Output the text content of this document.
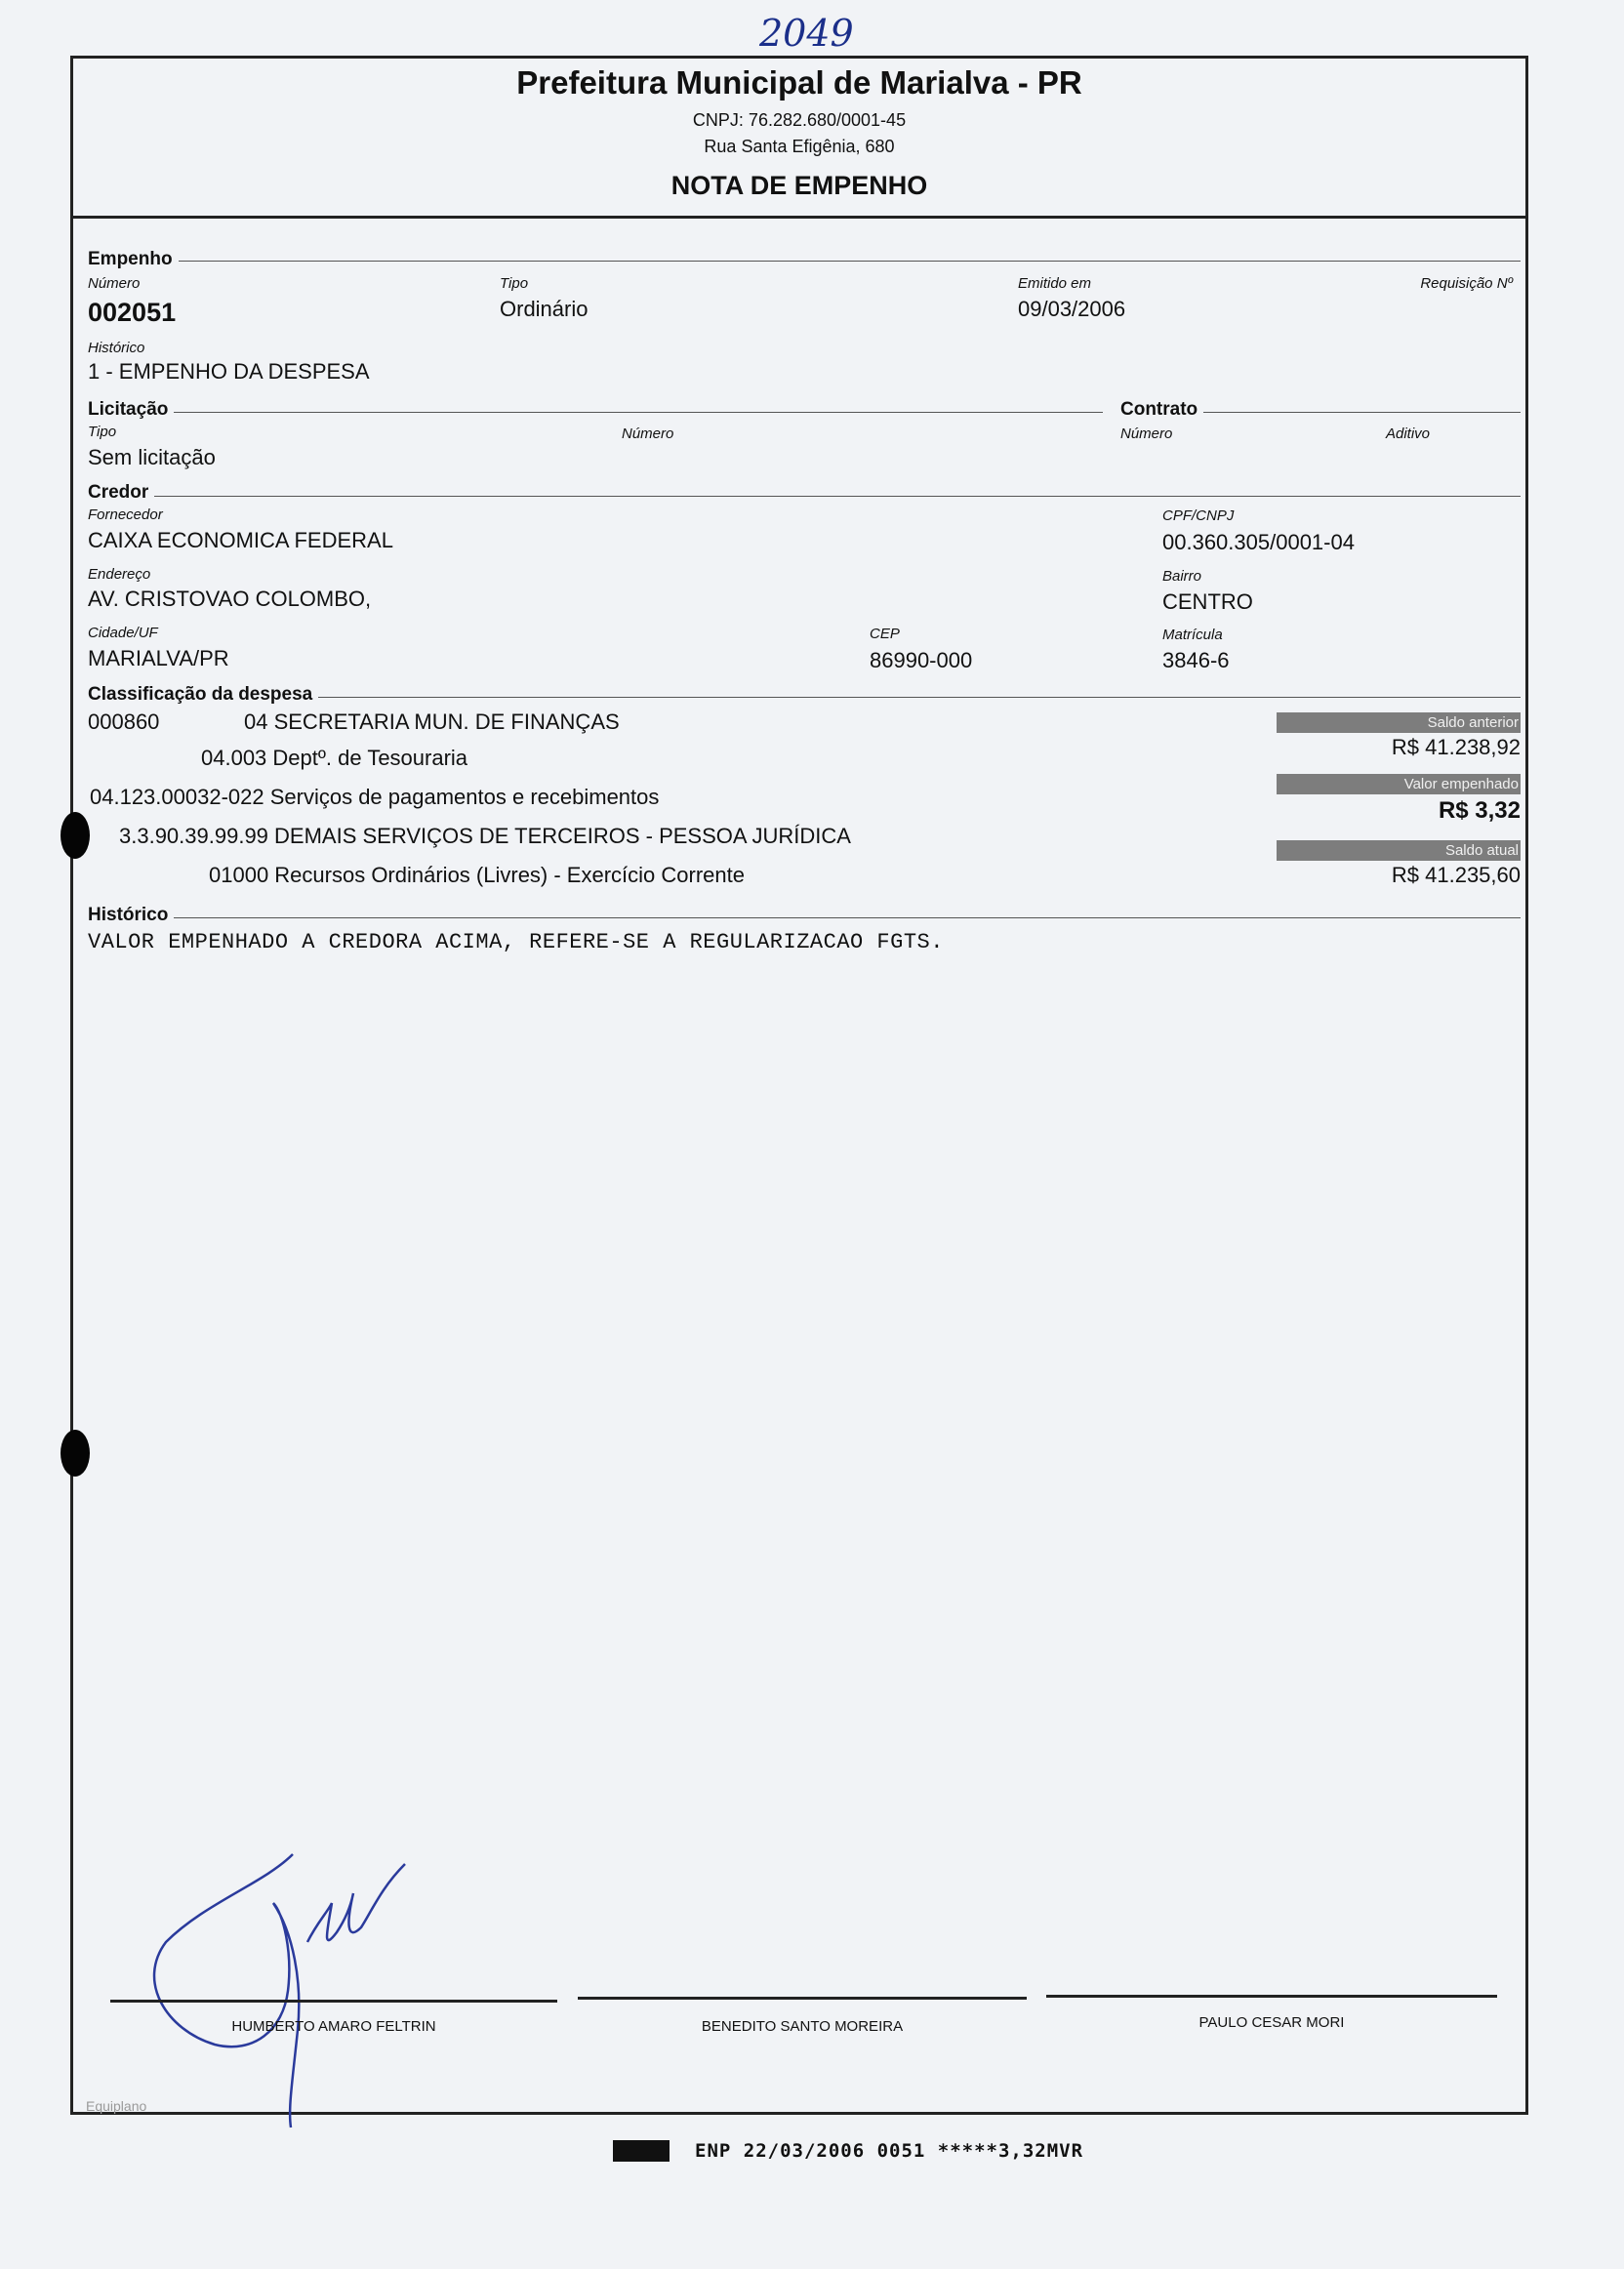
2049
Prefeitura Municipal de Marialva - PR
CNPJ: 76.282.680/0001-45
Rua Santa Efigênia, 680
NOTA DE EMPENHO
Empenho
Número
002051
Tipo
Ordinário
Emitido em
09/03/2006
Requisição Nº
Histórico
1 - EMPENHO DA DESPESA
Licitação
Tipo
Sem licitação
Número
Contrato
Número	Aditivo
Credor
Fornecedor
CAIXA ECONOMICA FEDERAL
CPF/CNPJ
00.360.305/0001-04
Endereço
AV. CRISTOVAO COLOMBO,
Bairro
CENTRO
Cidade/UF
MARIALVA/PR
CEP
86990-000
Matrícula
3846-6
Classificação da despesa
000860	04 SECRETARIA MUN. DE FINANÇAS
04.003 Deptº. de Tesouraria
04.123.00032-022 Serviços de pagamentos e recebimentos
3.3.90.39.99.99 DEMAIS SERVIÇOS DE TERCEIROS - PESSOA JURÍDICA
01000 Recursos Ordinários (Livres) - Exercício Corrente
Saldo anterior
R$ 41.238,92
Valor empenhado
R$ 3,32
Saldo atual
R$ 41.235,60
Histórico
VALOR EMPENHADO A CREDORA ACIMA, REFERE-SE A REGULARIZACAO FGTS.
HUMBERTO AMARO FELTRIN	BENEDITO SANTO MOREIRA	PAULO CESAR MORI
Equiplano
ENP 22/03/2006 0051 *****3,32MVR
